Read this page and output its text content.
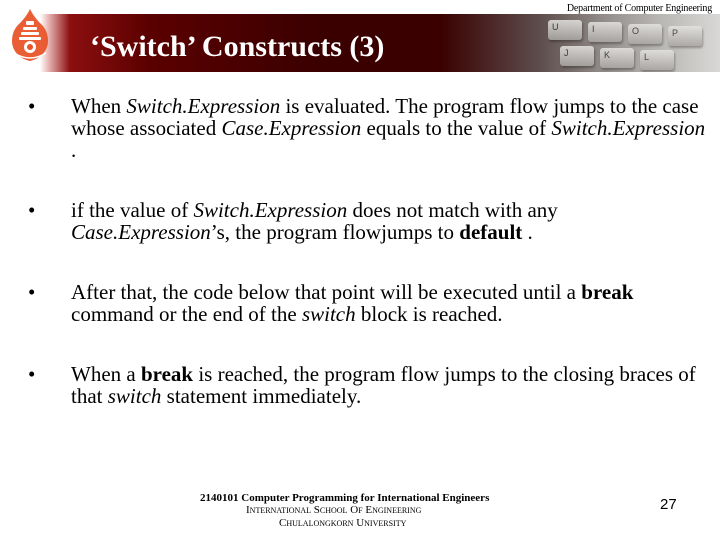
U	I	O	P
J	K	L
Department of Computer Engineering
‘Switch’ Constructs (3)
• When Switch.Expression is evaluated. The program flow jumps to the case whose associated Case.Expression equals to the value of Switch.Expression .
• if the value of Switch.Expression does not match with any Case.Expression’s, the program flowjumps to default .
• After that, the code below that point will be executed until a break command or the end of the switch block is reached.
• When a break is reached, the program flow jumps to the closing braces of that switch statement immediately.
2140101 Computer Programming for International Engineers
INTERNATIONAL SCHOOL OF ENGINEERING
CHULALONGKORN UNIVERSITY
27
